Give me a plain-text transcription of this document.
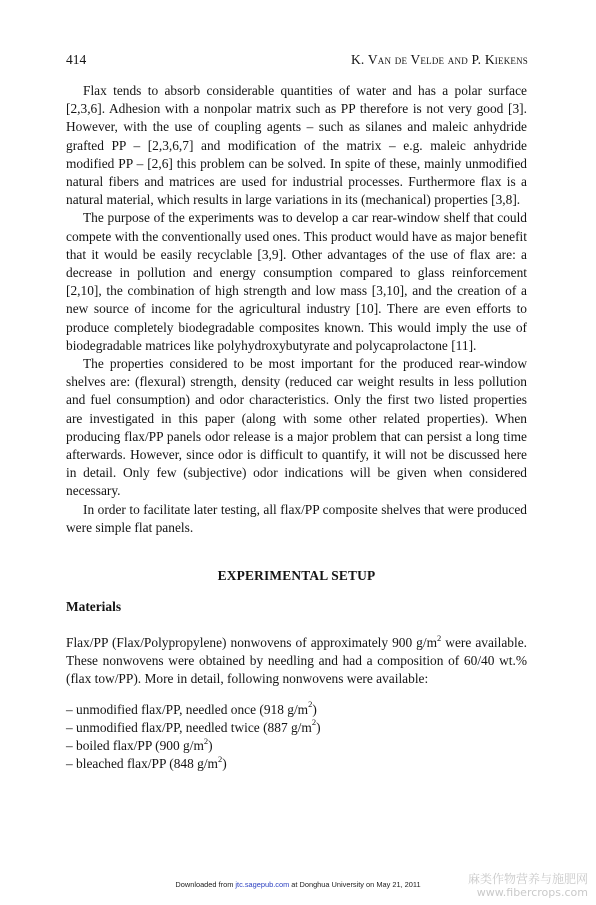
414	K. Van de Velde and P. Kiekens

Flax tends to absorb considerable quantities of water and has a polar surface [2,3,6]. Adhesion with a nonpolar matrix such as PP therefore is not very good [3]. However, with the use of coupling agents – such as silanes and maleic anhydride grafted PP – [2,3,6,7] and modification of the matrix – e.g. maleic anhydride modified PP – [2,6] this problem can be solved. In spite of these, mainly unmodified natural fibers and matrices are used for industrial processes. Furthermore flax is a natural material, which results in large variations in its (mechanical) properties [3,8].

The purpose of the experiments was to develop a car rear-window shelf that could compete with the conventionally used ones. This product would have as major benefit that it would be easily recyclable [3,9]. Other advantages of the use of flax are: a decrease in pollution and energy consumption compared to glass reinforcement [2,10], the combination of high strength and low mass [3,10], and the creation of a new source of income for the agricultural industry [10]. There are even efforts to produce completely biodegradable composites known. This would imply the use of biodegradable matrices like polyhydroxybutyrate and polycaprolactone [11].

The properties considered to be most important for the produced rear-window shelves are: (flexural) strength, density (reduced car weight results in less pollution and fuel consumption) and odor characteristics. Only the first two listed properties are investigated in this paper (along with some other related properties). When producing flax/PP panels odor release is a major problem that can persist a long time afterwards. However, since odor is difficult to quantify, it will not be discussed here in detail. Only few (subjective) odor indications will be given when considered necessary.

In order to facilitate later testing, all flax/PP composite shelves that were produced were simple flat panels.

EXPERIMENTAL SETUP
Materials

Flax/PP (Flax/Polypropylene) nonwovens of approximately 900 $g/m^2$ were available. These nonwovens were obtained by needling and had a composition of 60/40 wt.% (flax tow/PP). More in detail, following nonwovens were available:

– unmodified flax/PP, needled once (918 $g/m^2$)
– unmodified flax/PP, needled twice (887 $g/m^2$)
– boiled flax/PP (900 $g/m^2$)
– bleached flax/PP (848 $g/m^2$)
Downloaded from jtc.sagepub.com at Donghua University on May 21, 2011	麻类作物营养与施肥网
www.fibercrops.com
